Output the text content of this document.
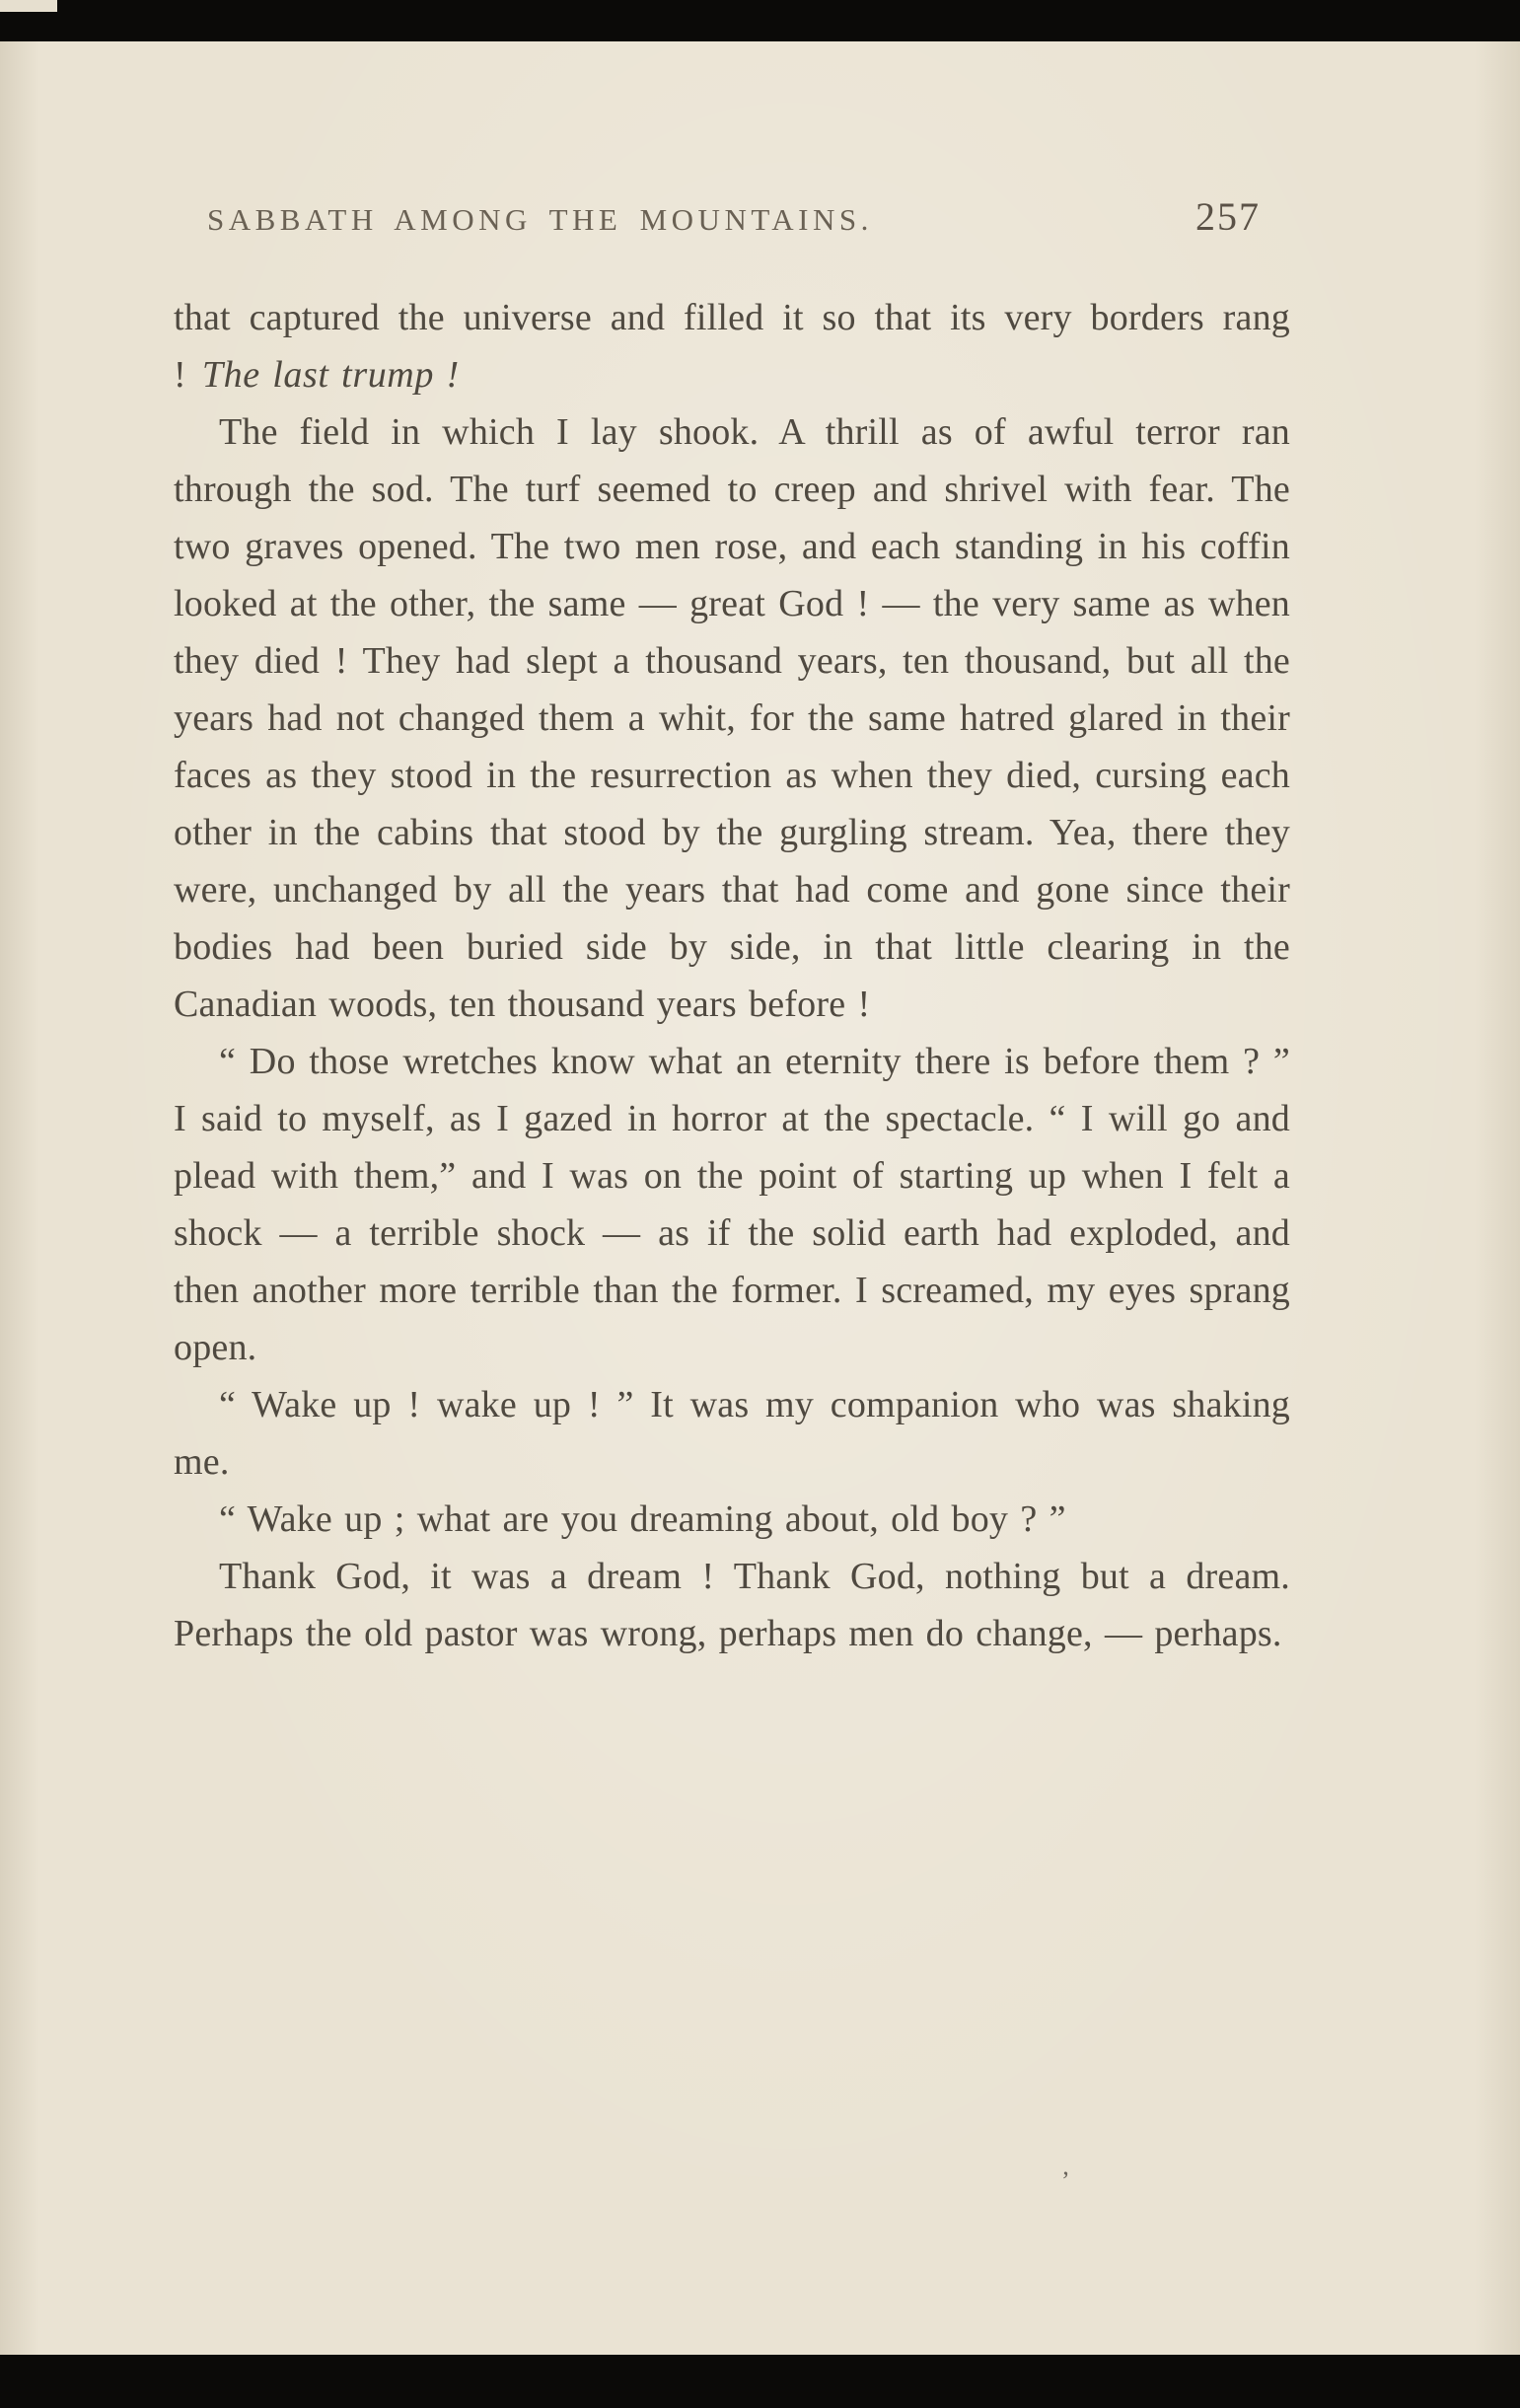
SABBATH AMONG THE MOUNTAINS.	257

that captured the universe and filled it so that its very borders rang ! The last trump !

The field in which I lay shook. A thrill as of awful terror ran through the sod. The turf seemed to creep and shrivel with fear. The two graves opened. The two men rose, and each standing in his coffin looked at the other, the same — great God ! — the very same as when they died ! They had slept a thousand years, ten thousand, but all the years had not changed them a whit, for the same hatred glared in their faces as they stood in the resurrection as when they died, cursing each other in the cabins that stood by the gurgling stream. Yea, there they were, unchanged by all the years that had come and gone since their bodies had been buried side by side, in that little clearing in the Canadian woods, ten thousand years before !

“ Do those wretches know what an eternity there is before them ? ” I said to myself, as I gazed in horror at the spectacle. “ I will go and plead with them,” and I was on the point of starting up when I felt a shock — a terrible shock — as if the solid earth had exploded, and then another more terrible than the former. I screamed, my eyes sprang open.

“ Wake up ! wake up ! ” It was my companion who was shaking me.

“ Wake up ; what are you dreaming about, old boy ? ”

Thank God, it was a dream ! Thank God, nothing but a dream. Perhaps the old pastor was wrong, perhaps men do change, — perhaps.

’
